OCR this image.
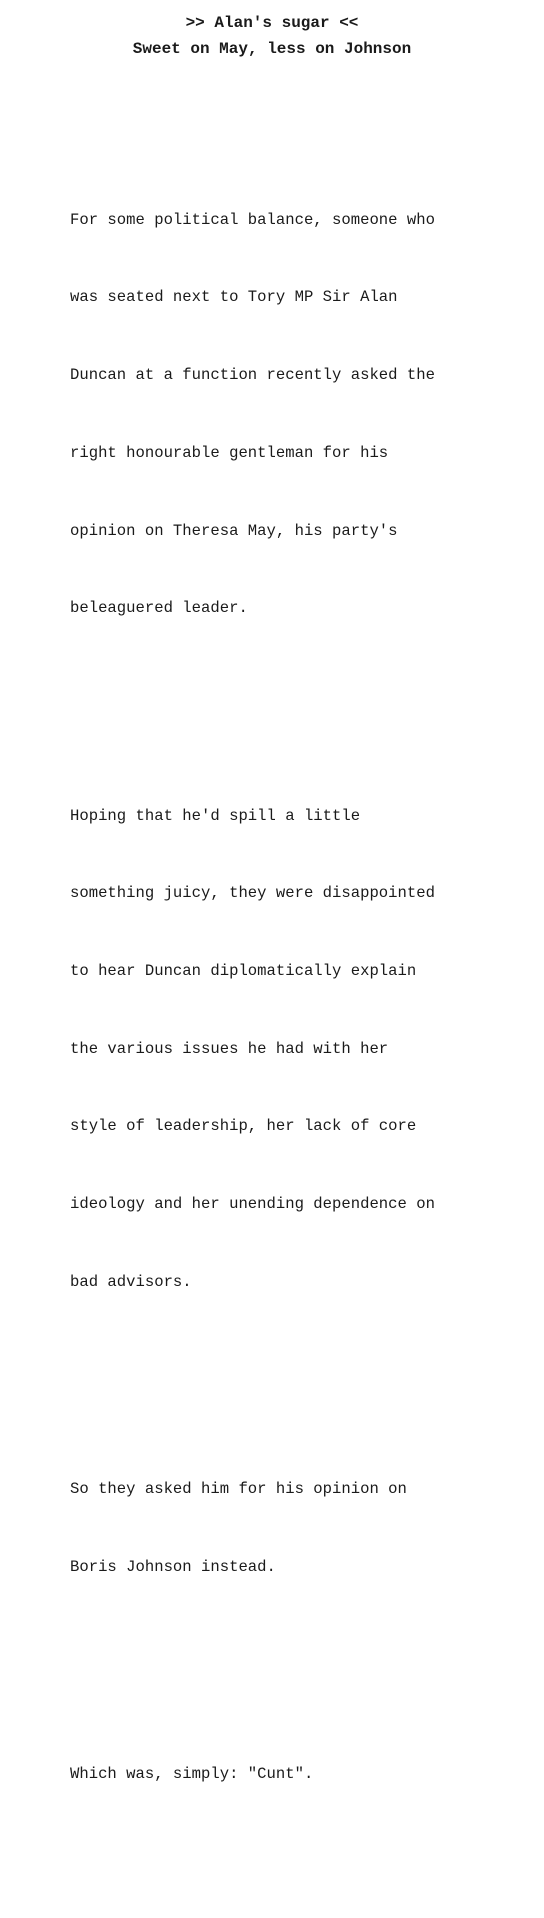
>> Alan's sugar <<
Sweet on May, less on Johnson

For some political balance, someone who

was seated next to Tory MP Sir Alan

Duncan at a function recently asked the

right honourable gentleman for his

opinion on Theresa May, his party's

beleaguered leader.

Hoping that he'd spill a little

something juicy, they were disappointed

to hear Duncan diplomatically explain

the various issues he had with her

style of leadership, her lack of core

ideology and her unending dependence on

bad advisors.

So they asked him for his opinion on

Boris Johnson instead.

Which was, simply: "Cunt".
